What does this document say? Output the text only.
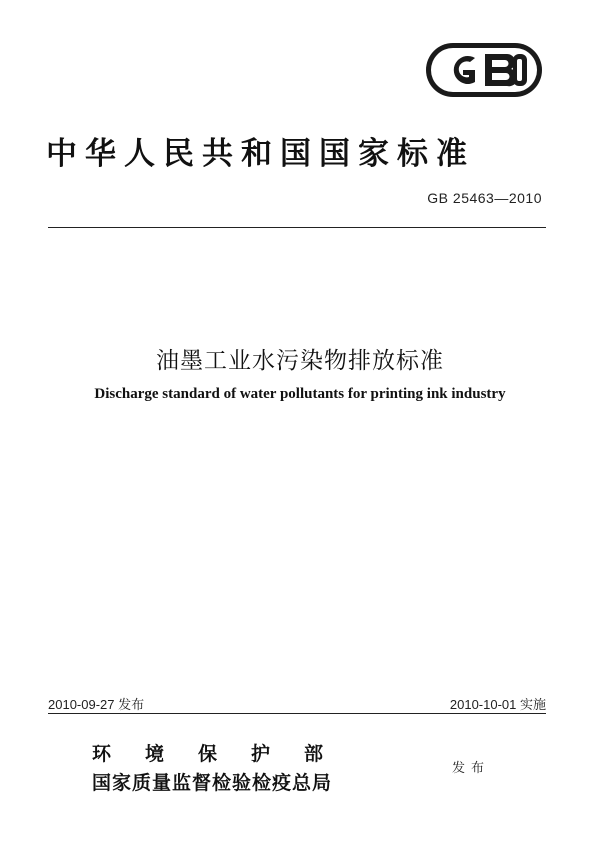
中华人民共和国国家标准
GB 25463—2010
油墨工业水污染物排放标准
Discharge standard of water pollutants for printing ink industry
2010-09-27 发布	2010-10-01 实施
环境保护部
国家质量监督检验检疫总局
发布
